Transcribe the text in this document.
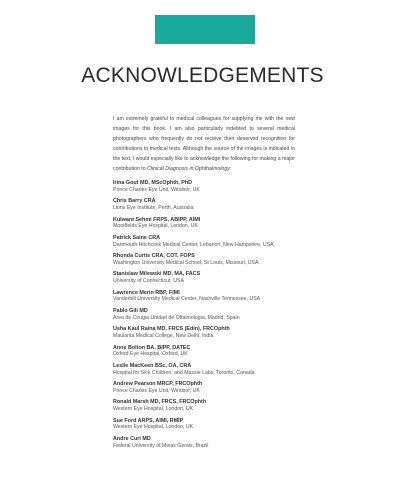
ACKNOWLEDGEMENTS

I am extremely grateful to medical colleagues for supplying me with the new images for this book. I am also particularly indebted to several medical photographers who frequently do not receive their deserved recognition for contributions to medical texts. Although the source of the images is indicated in the text, I would especially like to acknowledge the following for making a major contribution to Clinical Diagnosis in Ophthalmology:

Irina Gout MD, MScOphth, PhD
Prince Charles Eye Unit, Windsor, UK
Chris Barry CRA
Lions Eye Institute, Perth, Australia
Kulwant Sehmi FRPS, ABIPP, AIMI
Moorfields Eye Hospital, London, UK
Patrick Saine CRA
Dartmouth Hitchcock Medical Center, Lebanon, New Hampshire, USA
Rhonda Curtis CRA, COT, FOPS
Washington University Medical School, St Louis, Missouri, USA
Stanislaw Milewski MD, MA, FACS
University of Connecticut, USA
Lawrence Merin RBP, FIMI
Vanderbilt University Medical Center, Nashville Tennessee, USA
Pablo Gili MD
Area de Cirugia Unidad de Oftalmologia, Madrid, Spain
Usha Kaul Raina MD, FRCS (Edin), FRCOphth
Maulanta Medical College, New Delhi, India
Anne Bolton BA, BIPP, DATEC
Oxford Eye Hospital, Oxford, UK
Leslie MacKeen BSc, OA, CRA
Hospital for Sick Children, and Massie Labs, Toronto, Canada
Andrew Pearson MRCP, FRCOphth
Prince Charles Eye Unit, Windsor, UK
Ronald Marsh MD, FRCS, FRCOphth
Western Eye Hospital, London, UK
Sue Ford ARPS, AIMI, RMIP
Western Eye Hospital, London, UK
Andre Curi MD
Federal University of Minas Gerais, Brazil
